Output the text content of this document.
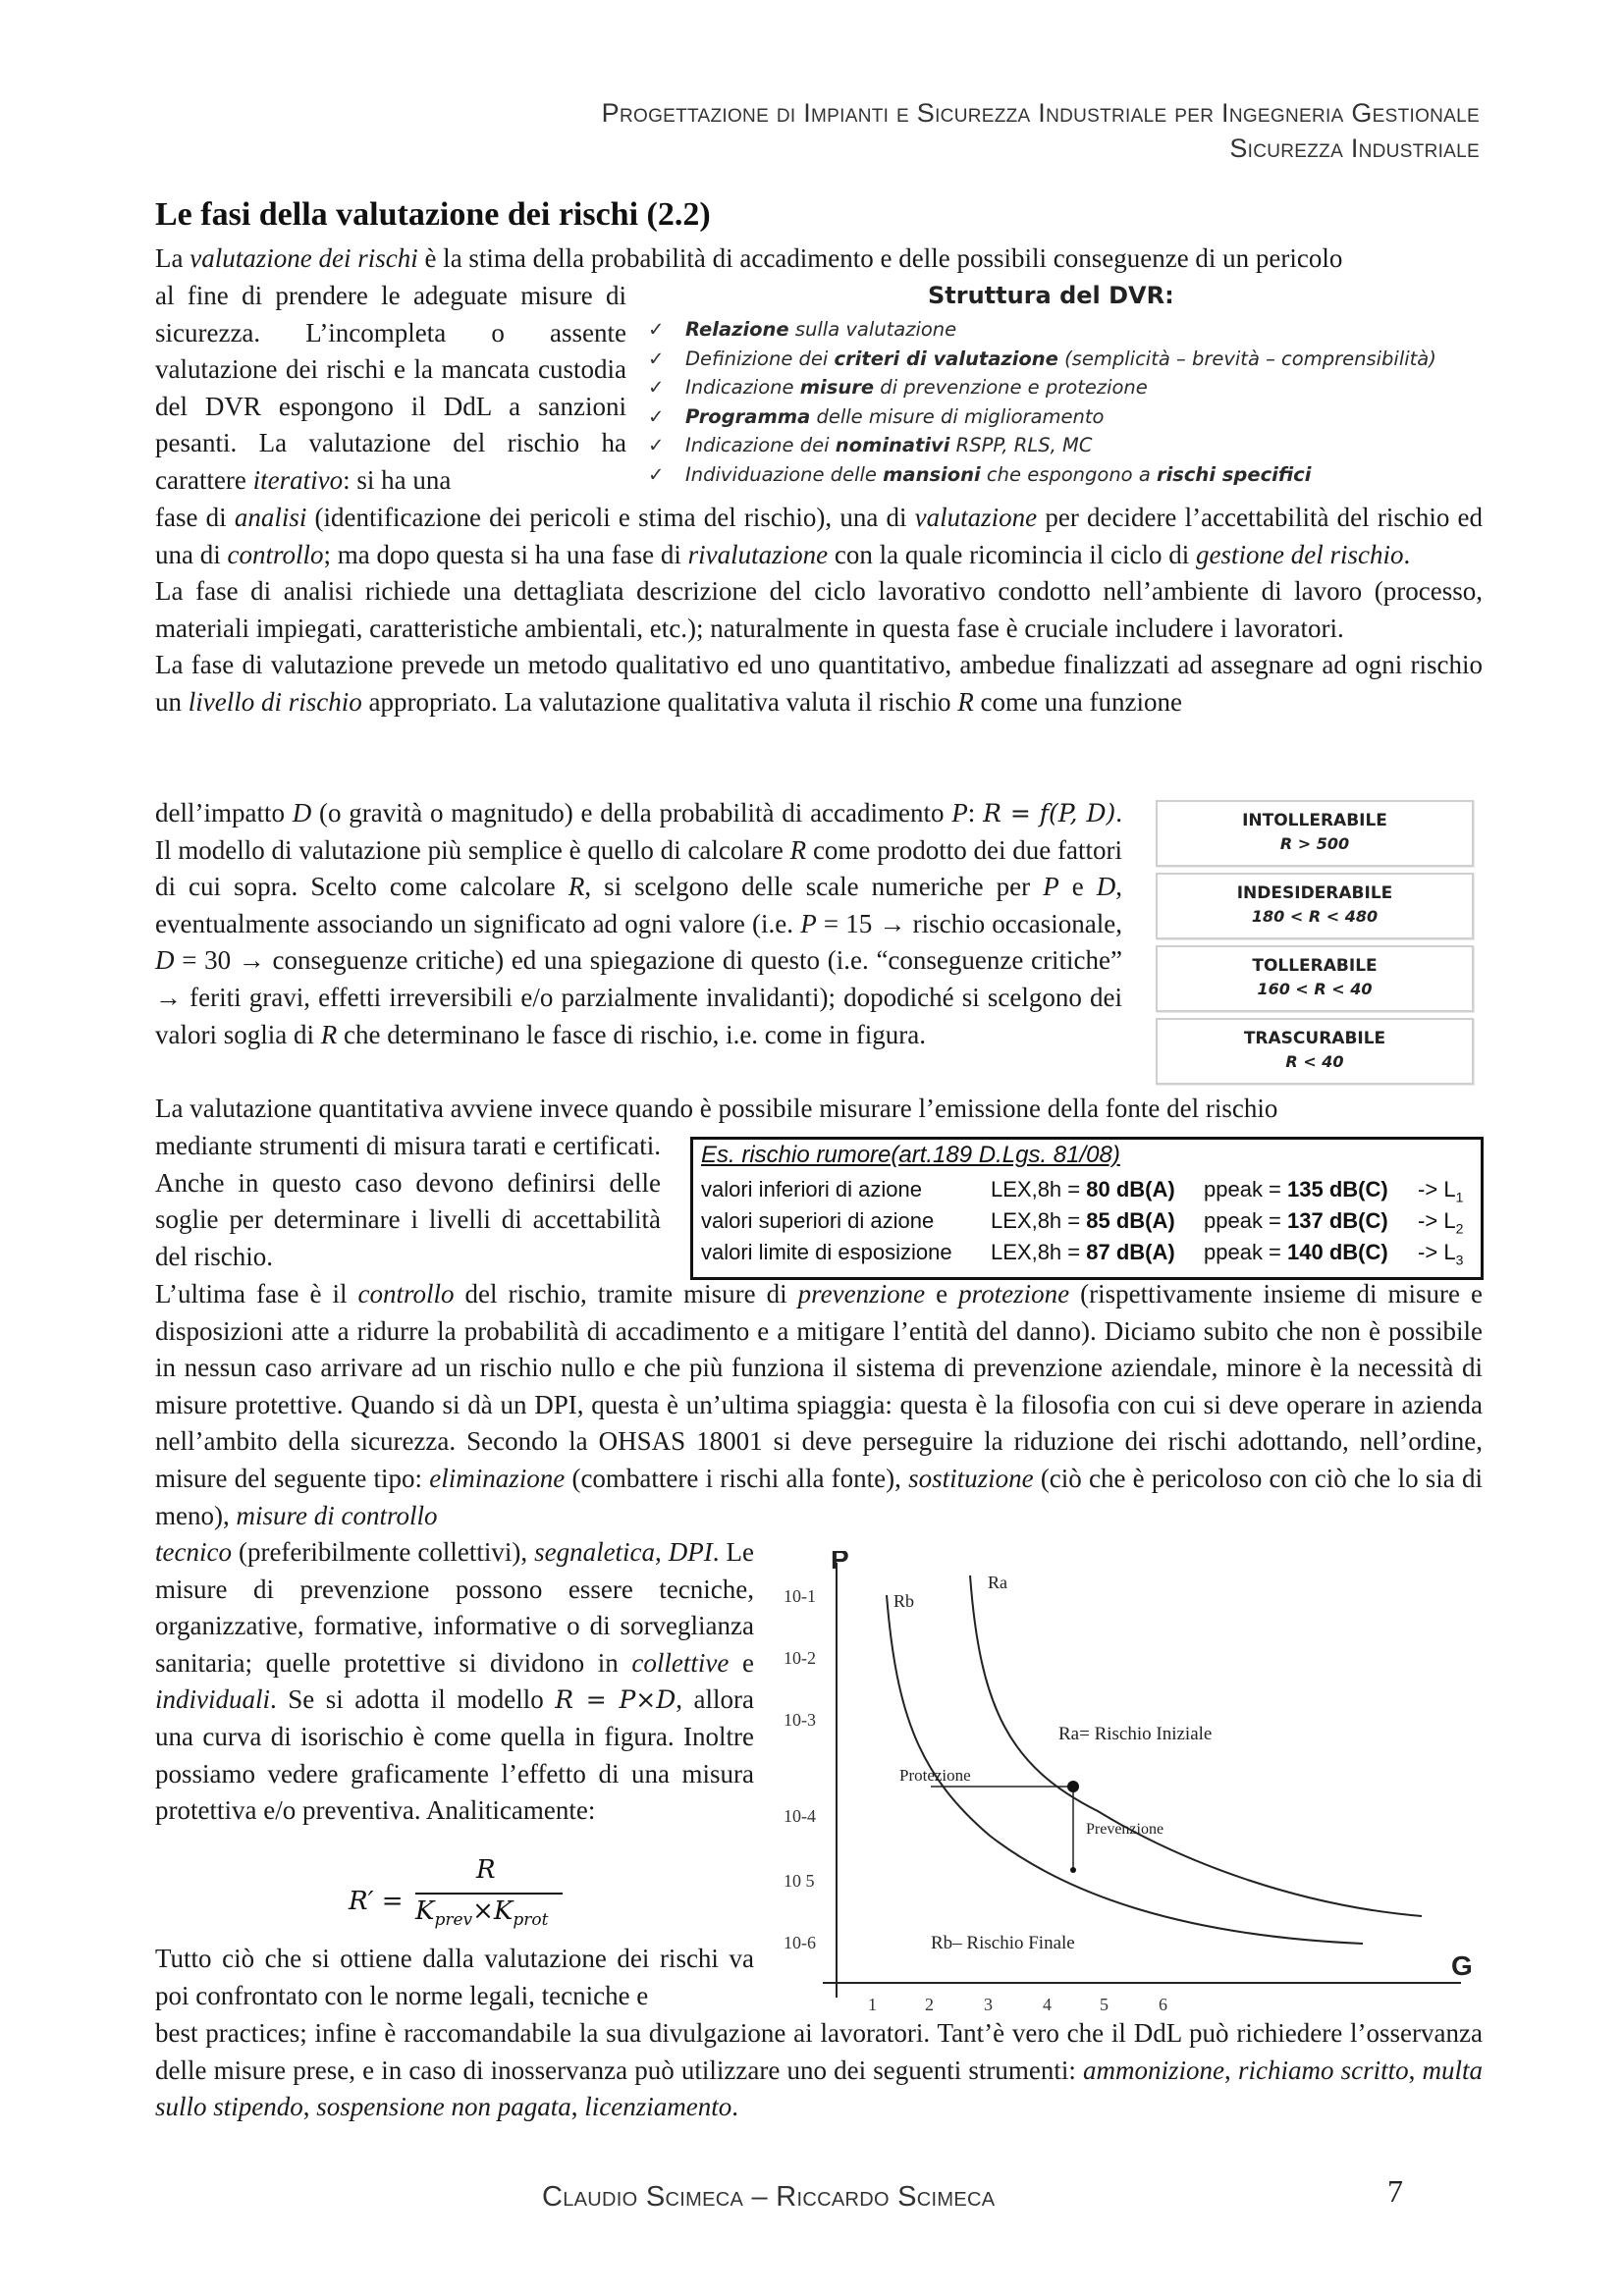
Progettazione di Impianti e Sicurezza Industriale per Ingegneria Gestionale
Sicurezza Industriale
Le fasi della valutazione dei rischi (2.2)
La valutazione dei rischi è la stima della probabilità di accadimento e delle possibili conseguenze di un pericolo
al fine di prendere le adeguate misure di sicurezza. L’incompleta o assente valutazione dei rischi e la mancata custodia del DVR espongono il DdL a sanzioni pesanti. La valutazione del rischio ha carattere iterativo: si ha una
Struttura del DVR:
✓ Relazione sulla valutazione
✓ Definizione dei criteri di valutazione (semplicità – brevità – comprensibilità)
✓ Indicazione misure di prevenzione e protezione
✓ Programma delle misure di miglioramento
✓ Indicazione dei nominativi RSPP, RLS, MC
✓ Individuazione delle mansioni che espongono a rischi specifici
fase di analisi (identificazione dei pericoli e stima del rischio), una di valutazione per decidere l’accettabilità del rischio ed una di controllo; ma dopo questa si ha una fase di rivalutazione con la quale ricomincia il ciclo di gestione del rischio.
La fase di analisi richiede una dettagliata descrizione del ciclo lavorativo condotto nell’ambiente di lavoro (processo, materiali impiegati, caratteristiche ambientali, etc.); naturalmente in questa fase è cruciale includere i lavoratori.
La fase di valutazione prevede un metodo qualitativo ed uno quantitativo, ambedue finalizzati ad assegnare ad ogni rischio un livello di rischio appropriato. La valutazione qualitativa valuta il rischio R come una funzione
dell’impatto D (o gravità o magnitudo) e della probabilità di accadimento P: R = f(P, D). Il modello di valutazione più semplice è quello di calcolare R come prodotto dei due fattori di cui sopra. Scelto come calcolare R, si scelgono delle scale numeriche per P e D, eventualmente associando un significato ad ogni valore (i.e. P = 15 → rischio occasionale, D = 30 → conseguenze critiche) ed una spiegazione di questo (i.e. “conseguenze critiche” → feriti gravi, effetti irreversibili e/o parzialmente invalidanti); dopodiché si scelgono dei valori soglia di R che determinano le fasce di rischio, i.e. come in figura.
INTOLLERABILE
R > 500
INDESIDERABILE
180 < R < 480
TOLLERABILE
160 < R < 40
TRASCURABILE
R < 40
La valutazione quantitativa avviene invece quando è possibile misurare l’emissione della fonte del rischio
mediante strumenti di misura tarati e certificati. Anche in questo caso devono definirsi delle soglie per determinare i livelli di accettabilità del rischio.
Es. rischio rumore(art.189 D.Lgs. 81/08)
valori inferiori di azione	LEX,8h = 80 dB(A) ppeak = 135 $dB(C) -> L_1$
valori superiori di azione	LEX,8h = 85 dB(A) ppeak = 137 $dB(C) -> L_2$
valori limite di esposizione LEX,8h = 87 dB(A) ppeak = 140 $dB(C) -> L_3$
L’ultima fase è il controllo del rischio, tramite misure di prevenzione e protezione (rispettivamente insieme di misure e disposizioni atte a ridurre la probabilità di accadimento e a mitigare l’entità del danno). Diciamo subito che non è possibile in nessun caso arrivare ad un rischio nullo e che più funziona il sistema di prevenzione aziendale, minore è la necessità di misure protettive. Quando si dà un DPI, questa è un’ultima spiaggia: questa è la filosofia con cui si deve operare in azienda nell’ambito della sicurezza. Secondo la OHSAS 18001 si deve perseguire la riduzione dei rischi adottando, nell’ordine, misure del seguente tipo: eliminazione (combattere i rischi alla fonte), sostituzione (ciò che è pericoloso con ciò che lo sia di meno), misure di controllo
tecnico (preferibilmente collettivi), segnaletica, DPI. Le misure di prevenzione possono essere tecniche, organizzative, formative, informative o di sorveglianza sanitaria; quelle protettive si dividono in collettive e individuali. Se si adotta il modello R = P×D, allora una curva di isorischio è come quella in figura. Inoltre possiamo vedere graficamente l’effetto di una misura protettiva e/o preventiva. Analiticamente:
R′ =
R
$K_{prev}\times K_{prot}$
Tutto ciò che si ottiene dalla valutazione dei rischi va poi confrontato con le norme legali, tecniche e
best practices; infine è raccomandabile la sua divulgazione ai lavoratori. Tant’è vero che il DdL può richiedere l’osservanza delle misure prese, e in caso di inosservanza può utilizzare uno dei seguenti strumenti: ammonizione, richiamo scritto, multa sullo stipendo, sospensione non pagata, licenziamento.
P
G
10-1
10-2
10-3
10-4
10 5
10-6
1	2	3	4	5	6
Ra
Rb
Ra= Rischio Iniziale
Rb– Rischio Finale
Protezione
Prevenzione
Claudio Scimeca – Riccardo Scimeca	7
